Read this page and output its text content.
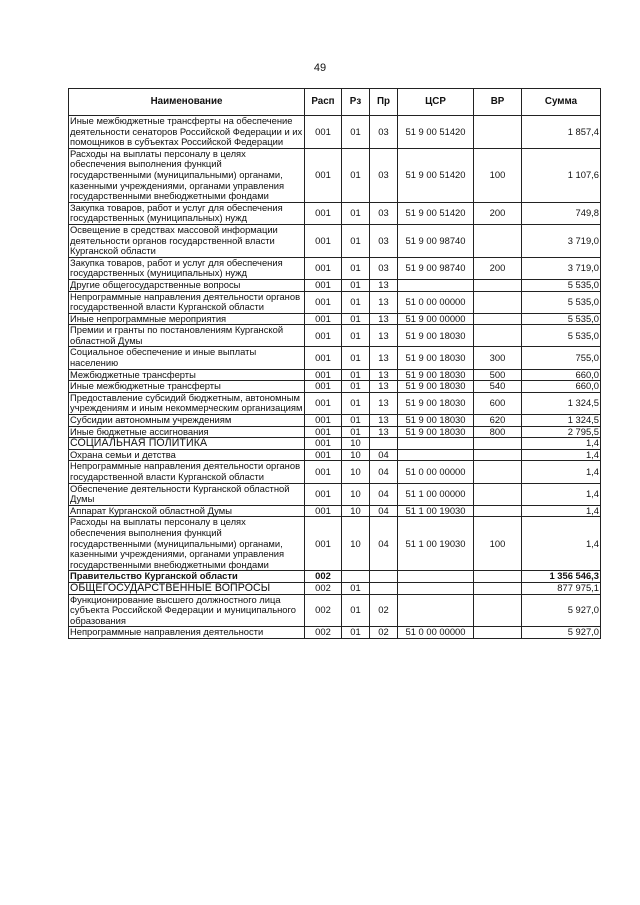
49
Наименование	Расп	Рз	Пр	ЦСР	ВР	Сумма
Иные межбюджетные трансферты на обеспечение деятельности сенаторов Российской Федерации и их помощников в субъектах Российской Федерации	001	01	03	51 9 00 51420		1 857,4
Расходы на выплаты персоналу в целях обеспечения выполнения функций государственными (муниципальными) органами, казенными учреждениями, органами управления государственными внебюджетными фондами	001	01	03	51 9 00 51420	100	1 107,6
Закупка товаров, работ и услуг для обеспечения государственных (муниципальных) нужд	001	01	03	51 9 00 51420	200	749,8
Освещение в средствах массовой информации деятельности органов государственной власти Курганской области	001	01	03	51 9 00 98740		3 719,0
Закупка товаров, работ и услуг для обеспечения государственных (муниципальных) нужд	001	01	03	51 9 00 98740	200	3 719,0
Другие общегосударственные вопросы	001	01	13			5 535,0
Непрограммные направления деятельности органов государственной власти Курганской области	001	01	13	51 0 00 00000		5 535,0
Иные непрограммные мероприятия	001	01	13	51 9 00 00000		5 535,0
Премии и гранты по постановлениям Курганской областной Думы	001	01	13	51 9 00 18030		5 535,0
Социальное обеспечение и иные выплаты населению	001	01	13	51 9 00 18030	300	755,0
Межбюджетные трансферты	001	01	13	51 9 00 18030	500	660,0
Иные межбюджетные трансферты	001	01	13	51 9 00 18030	540	660,0
Предоставление субсидий бюджетным, автономным учреждениям и иным некоммерческим организациям	001	01	13	51 9 00 18030	600	1 324,5
Субсидии автономным учреждениям	001	01	13	51 9 00 18030	620	1 324,5
Иные бюджетные ассигнования	001	01	13	51 9 00 18030	800	2 795,5
СОЦИАЛЬНАЯ ПОЛИТИКА	001	10				1,4
Охрана семьи и детства	001	10	04			1,4
Непрограммные направления деятельности органов государственной власти Курганской области	001	10	04	51 0 00 00000		1,4
Обеспечение деятельности Курганской областной Думы	001	10	04	51 1 00 00000		1,4
Аппарат Курганской областной Думы	001	10	04	51 1 00 19030		1,4
Расходы на выплаты персоналу в целях обеспечения выполнения функций государственными (муниципальными) органами, казенными учреждениями, органами управления государственными внебюджетными фондами	001	10	04	51 1 00 19030	100	1,4
Правительство Курганской области	002					1 356 546,3
ОБЩЕГОСУДАРСТВЕННЫЕ ВОПРОСЫ	002	01				877 975,1
Функционирование высшего должностного лица субъекта Российской Федерации и муниципального образования	002	01	02			5 927,0
Непрограммные направления деятельности	002	01	02	51 0 00 00000		5 927,0
